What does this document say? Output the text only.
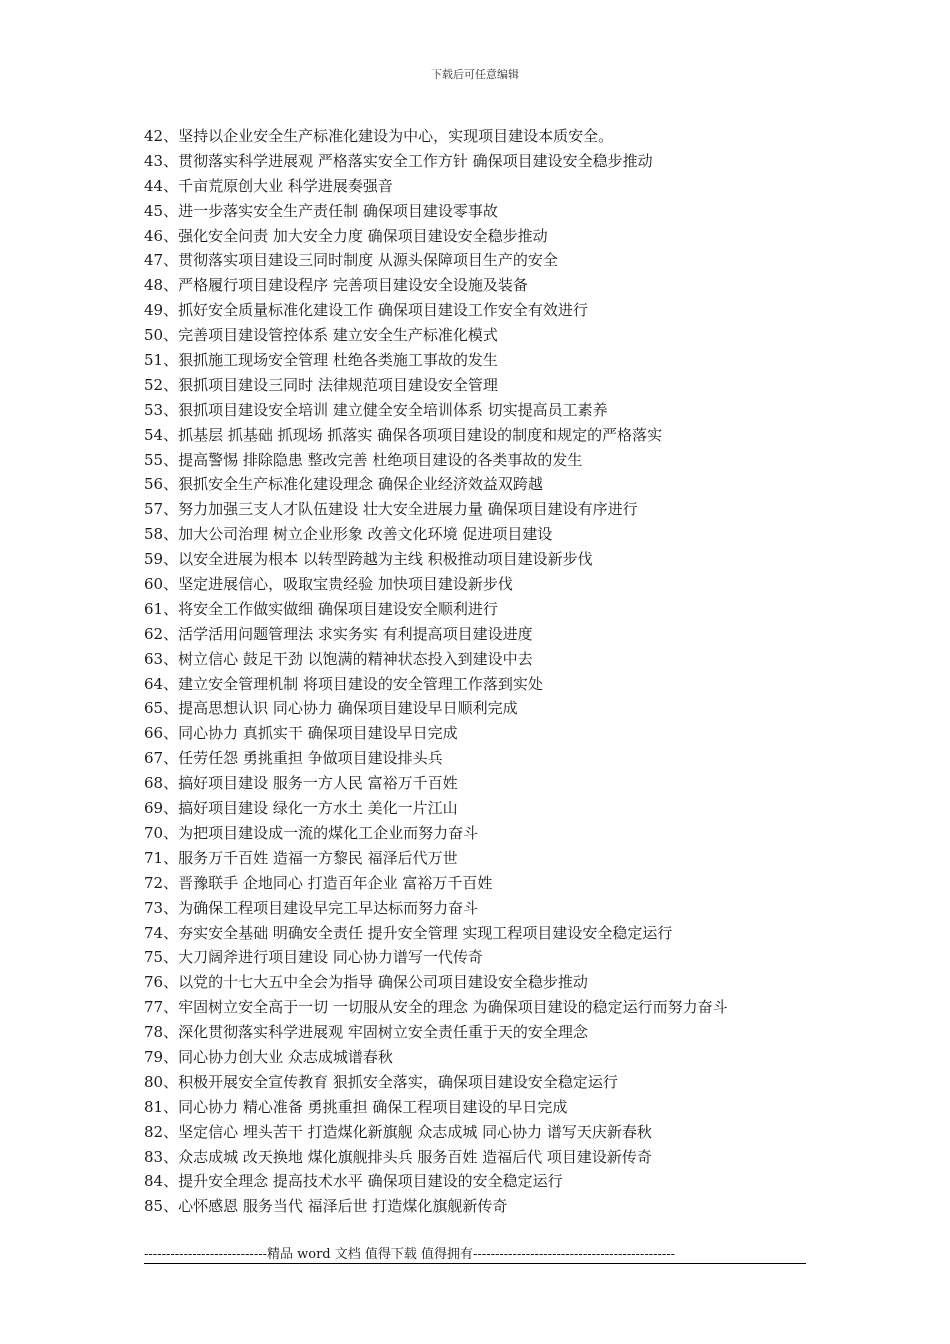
下载后可任意编辑
42、坚持以企业安全生产标准化建设为中心，实现项目建设本质安全。
43、贯彻落实科学进展观 严格落实安全工作方针 确保项目建设安全稳步推动
44、千亩荒原创大业 科学进展奏强音
45、进一步落实安全生产责任制 确保项目建设零事故
46、强化安全问责 加大安全力度 确保项目建设安全稳步推动
47、贯彻落实项目建设三同时制度 从源头保障项目生产的安全
48、严格履行项目建设程序 完善项目建设安全设施及装备
49、抓好安全质量标准化建设工作 确保项目建设工作安全有效进行
50、完善项目建设管控体系 建立安全生产标准化模式
51、狠抓施工现场安全管理 杜绝各类施工事故的发生
52、狠抓项目建设三同时 法律规范项目建设安全管理
53、狠抓项目建设安全培训 建立健全安全培训体系 切实提高员工素养
54、抓基层 抓基础 抓现场 抓落实 确保各项项目建设的制度和规定的严格落实
55、提高警惕 排除隐患 整改完善 杜绝项目建设的各类事故的发生
56、狠抓安全生产标准化建设理念 确保企业经济效益双跨越
57、努力加强三支人才队伍建设 壮大安全进展力量 确保项目建设有序进行
58、加大公司治理 树立企业形象 改善文化环境 促进项目建设
59、以安全进展为根本 以转型跨越为主线 积极推动项目建设新步伐
60、坚定进展信心，吸取宝贵经验 加快项目建设新步伐
61、将安全工作做实做细 确保项目建设安全顺利进行
62、活学活用问题管理法 求实务实 有利提高项目建设进度
63、树立信心 鼓足干劲 以饱满的精神状态投入到建设中去
64、建立安全管理机制 将项目建设的安全管理工作落到实处
65、提高思想认识 同心协力 确保项目建设早日顺利完成
66、同心协力 真抓实干 确保项目建设早日完成
67、任劳任怨 勇挑重担 争做项目建设排头兵
68、搞好项目建设 服务一方人民 富裕万千百姓
69、搞好项目建设 绿化一方水土 美化一片江山
70、为把项目建设成一流的煤化工企业而努力奋斗
71、服务万千百姓 造福一方黎民 福泽后代万世
72、晋豫联手 企地同心 打造百年企业 富裕万千百姓
73、为确保工程项目建设早完工早达标而努力奋斗
74、夯实安全基础 明确安全责任 提升安全管理 实现工程项目建设安全稳定运行
75、大刀阔斧进行项目建设 同心协力谱写一代传奇
76、以党的十七大五中全会为指导 确保公司项目建设安全稳步推动
77、牢固树立安全高于一切 一切服从安全的理念 为确保项目建设的稳定运行而努力奋斗
78、深化贯彻落实科学进展观 牢固树立安全责任重于天的安全理念
79、同心协力创大业 众志成城谱春秋
80、积极开展安全宣传教育 狠抓安全落实，确保项目建设安全稳定运行
81、同心协力 精心准备 勇挑重担 确保工程项目建设的早日完成
82、坚定信心 埋头苦干 打造煤化新旗舰 众志成城 同心协力 谱写天庆新春秋
83、众志成城 改天换地 煤化旗舰排头兵 服务百姓 造福后代 项目建设新传奇
84、提升安全理念 提高技术水平 确保项目建设的安全稳定运行
85、心怀感恩 服务当代 福泽后世 打造煤化旗舰新传奇
----------------------------精品 word 文档 值得下载 值得拥有----------------------------------------------
